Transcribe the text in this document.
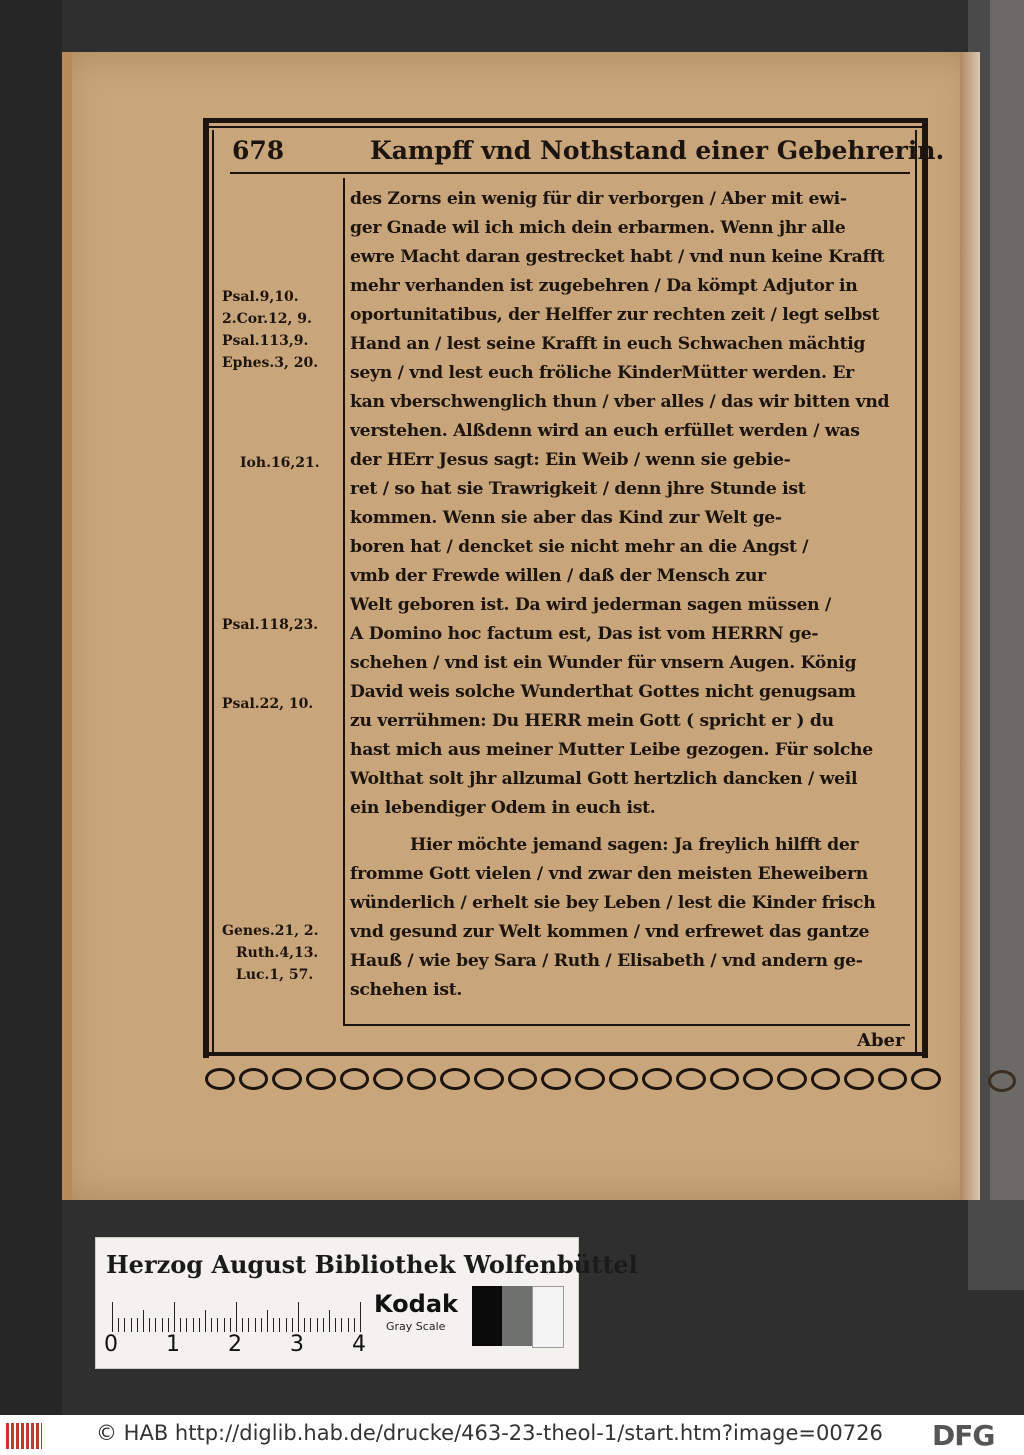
678	Kampff vnd Nothstand einer Gebehrerin.
Psal.9,10.
2.Cor.12, 9.
Psal.113,9.
Ephes.3, 20.
Ioh.16,21.
Psal.118,23.
Psal.22, 10.
Genes.21, 2.
Ruth.4,13.
Luc.1, 57.
des Zorns ein wenig für dir verborgen / Aber mit ewi-
ger Gnade wil ich mich dein erbarmen. Wenn jhr alle
ewre Macht daran gestrecket habt / vnd nun keine Krafft
mehr verhanden ist zugebehren / Da kömpt Adjutor in
oportunitatibus, der Helffer zur rechten zeit / legt selbst
Hand an / lest seine Krafft in euch Schwachen mächtig
seyn / vnd lest euch frölichе KinderMütter werden. Er
kan vberschwenglich thun / vber alles / das wir bitten vnd
verstehen. Alßdenn wird an euch erfüllet werden / was
der HErr Jesus sagt: Ein Weib / wenn sie gebie-
ret / so hat sie Trawrigkeit / denn jhre Stunde ist
kommen. Wenn sie aber das Kind zur Welt ge-
boren hat / dencket sie nicht mehr an die Angst /
vmb der Frewde willen / daß der Mensch zur
Welt geboren ist. Da wird jederman sagen müssen /
A Domino hoc factum est, Das ist vom HERRN ge-
schehen / vnd ist ein Wunder für vnsern Augen. König
David weis solche Wunderthat Gottes nicht genugsam
zu verrühmen: Du HERR mein Gott ( spricht er ) du
hast mich aus meiner Mutter Leibe gezogen. Für solche
Wolthat solt jhr allzumal Gott hertzlich dancken / weil
ein lebendiger Odem in euch ist.
Hier möchte jemand sagen: Ja freylich hilfft der
fromme Gott vielen / vnd zwar den meisten Eheweibern
wünderlich / erhelt sie bey Leben / lest die Kinder frisch
vnd gesund zur Welt kommen / vnd erfrewet das gantze
Hauß / wie bey Sara / Ruth / Elisabeth / vnd andern ge-
schehen ist.
Aber
Herzog August Bibliothek Wolfenbüttel
0 1 2 3 4
Kodak
Gray Scale
© HAB http://diglib.hab.de/drucke/463-23-theol-1/start.htm?image=00726 DFG
